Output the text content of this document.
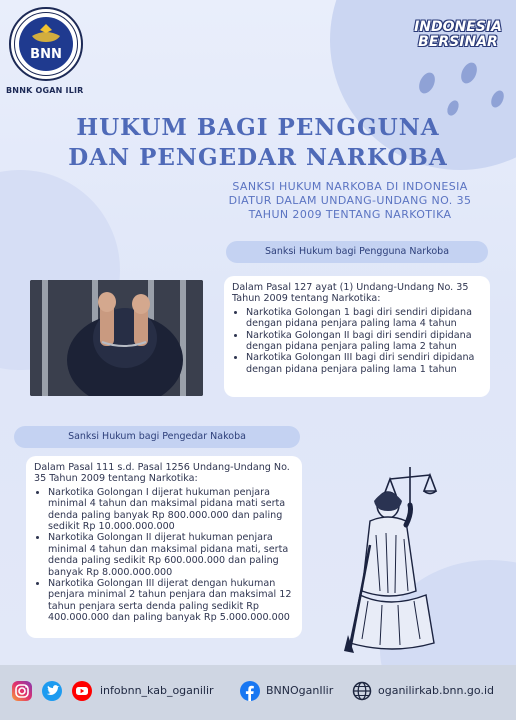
BNN
BNNK OGAN ILIR
INDONESIA
BERSINAR
HUKUM BAGI PENGGUNA
DAN PENGEDAR NARKOBA
SANKSI HUKUM NARKOBA DI INDONESIA
DIATUR DALAM UNDANG-UNDANG NO. 35
TAHUN 2009 TENTANG NARKOTIKA
Sanksi Hukum bagi Pengguna Narkoba
Dalam Pasal 127 ayat (1) Undang-Undang No. 35 Tahun 2009 tentang Narkotika:
• Narkotika Golongan 1 bagi diri sendiri dipidana dengan pidana penjara paling lama 4 tahun
• Narkotika Golongan II bagi diri sendiri dipidana dengan pidana penjara paling lama 2 tahun
• Narkotika Golongan III bagi diri sendiri dipidana dengan pidana penjara paling lama 1 tahun
Sanksi Hukum bagi Pengedar Nakoba
Dalam Pasal 111 s.d. Pasal 1256 Undang-Undang No. 35 Tahun 2009 tentang Narkotika:
• Narkotika Golongan I dijerat hukuman penjara minimal 4 tahun dan maksimal pidana mati serta denda paling banyak Rp 800.000.000 dan paling sedikit Rp 10.000.000.000
• Narkotika Golongan II dijerat hukuman penjara minimal 4 tahun dan maksimal pidana mati, serta denda paling sedikit Rp 600.000.000 dan paling banyak Rp 8.000.000.000
• Narkotika Golongan III dijerat dengan hukuman penjara minimal 2 tahun penjara dan maksimal 12 tahun penjara serta denda paling sedikit Rp 400.000.000 dan paling banyak Rp 5.000.000.000
infobnn_kab_oganilir	BNNOganIlir	oganilirkab.bnn.go.id
